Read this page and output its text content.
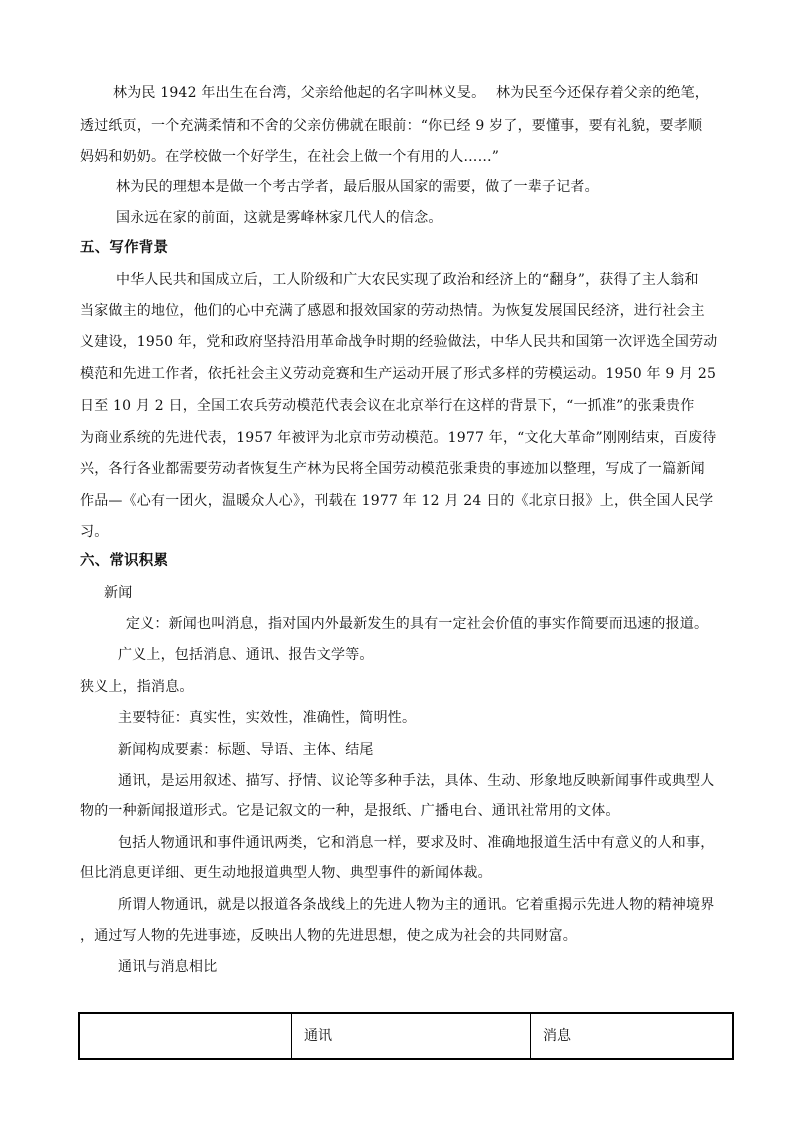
林为民 1942 年出生在台湾，父亲给他起的名字叫林义旻。 林为民至今还保存着父亲的绝笔，
透过纸页，一个充满柔情和不舍的父亲仿佛就在眼前：“你已经 9 岁了，要懂事，要有礼貌，要孝顺
妈妈和奶奶。在学校做一个好学生，在社会上做一个有用的人……”
林为民的理想本是做一个考古学者，最后服从国家的需要，做了一辈子记者。
国永远在家的前面，这就是雾峰林家几代人的信念。
五、写作背景
中华人民共和国成立后，工人阶级和广大农民实现了政治和经济上的“翻身”，获得了主人翁和
当家做主的地位，他们的心中充满了感恩和报效国家的劳动热情。为恢复发展国民经济，进行社会主
义建设，1950 年，党和政府坚持沿用革命战争时期的经验做法，中华人民共和国第一次评选全国劳动
模范和先进工作者，依托社会主义劳动竞赛和生产运动开展了形式多样的劳模运动。1950 年 9 月 25
日至 10 月 2 日，全国工农兵劳动模范代表会议在北京举行在这样的背景下，“一抓准”的张秉贵作
为商业系统的先进代表，1957 年被评为北京市劳动模范。1977 年，“文化大革命”刚刚结束，百废待
兴，各行各业都需要劳动者恢复生产林为民将全国劳动模范张秉贵的事迹加以整理，写成了一篇新闻
作品—《心有一团火，温暖众人心》，刊载在 1977 年 12 月 24 日的《北京日报》上，供全国人民学
习。
六、常识积累
新闻
定义：新闻也叫消息，指对国内外最新发生的具有一定社会价值的事实作简要而迅速的报道。
广义上，包括消息、通讯、报告文学等。
狭义上，指消息。
主要特征：真实性，实效性，准确性，简明性。
新闻构成要素：标题、导语、主体、结尾
通讯，是运用叙述、描写、抒情、议论等多种手法，具体、生动、形象地反映新闻事件或典型人
物的一种新闻报道形式。它是记叙文的一种，是报纸、广播电台、通讯社常用的文体。
包括人物通讯和事件通讯两类，它和消息一样，要求及时、准确地报道生活中有意义的人和事，
但比消息更详细、更生动地报道典型人物、典型事件的新闻体裁。
所谓人物通讯，就是以报道各条战线上的先进人物为主的通讯。它着重揭示先进人物的精神境界
，通过写人物的先进事迹，反映出人物的先进思想，使之成为社会的共同财富。
通讯与消息相比
通讯	消息
